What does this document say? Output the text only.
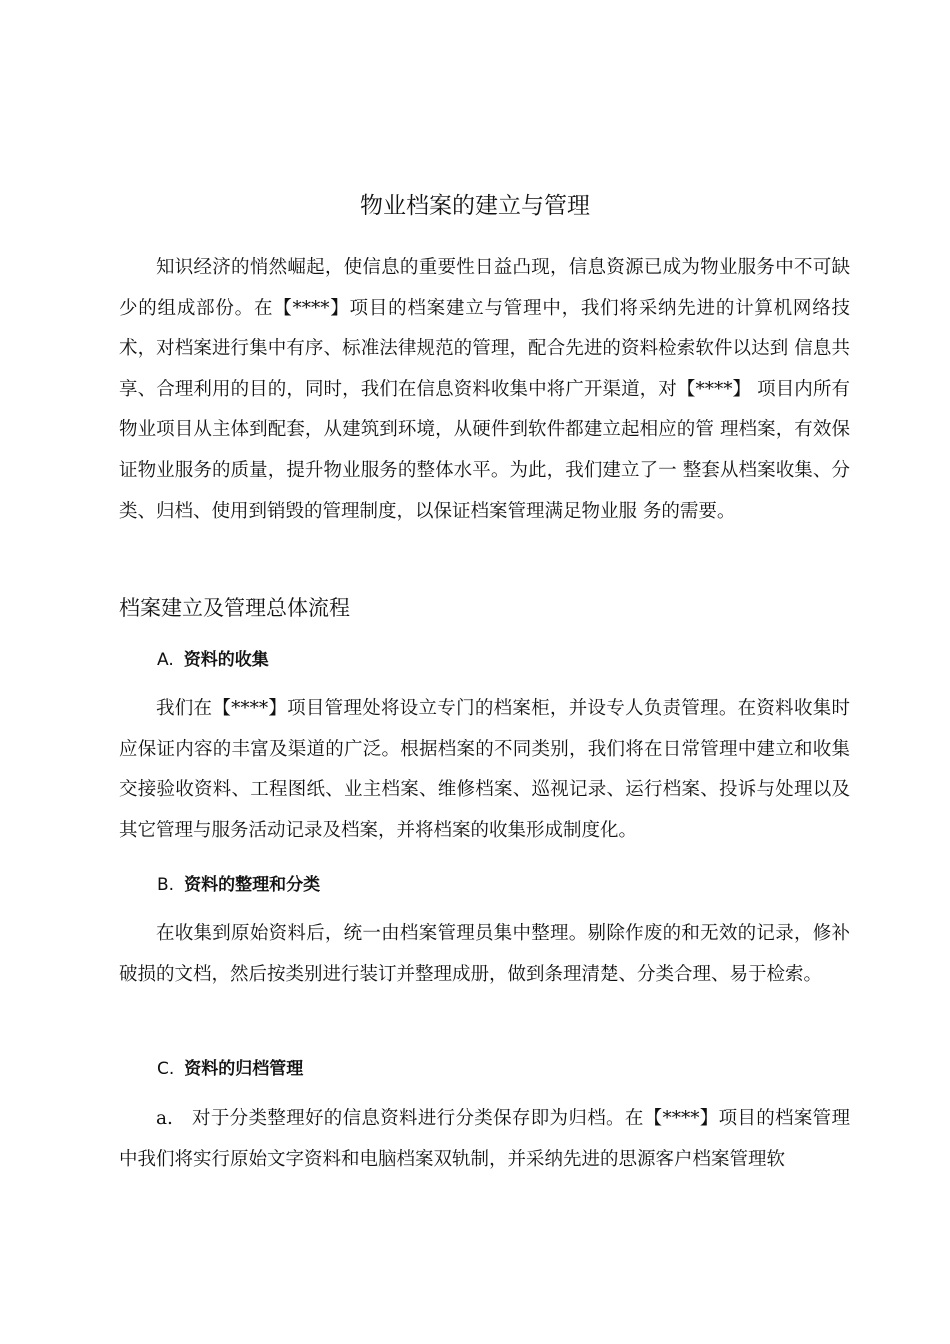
物业档案的建立与管理

知识经济的悄然崛起，使信息的重要性日益凸现，信息资源已成为物业服务中不可缺少的组成部份。在【****】项目的档案建立与管理中，我们将采纳先进的计算机网络技术，对档案进行集中有序、标准法律规范的管理，配合先进的资料检索软件以达到 信息共享、合理利用的目的，同时，我们在信息资料收集中将广开渠道，对【****】 项目内所有物业项目从主体到配套，从建筑到环境，从硬件到软件都建立起相应的管 理档案，有效保证物业服务的质量，提升物业服务的整体水平。为此，我们建立了一 整套从档案收集、分类、归档、使用到销毁的管理制度，以保证档案管理满足物业服 务的需要。

档案建立及管理总体流程
A. 资料的收集

我们在【****】项目管理处将设立专门的档案柜，并设专人负责管理。在资料收集时应保证内容的丰富及渠道的广泛。根据档案的不同类别，我们将在日常管理中建立和收集交接验收资料、工程图纸、业主档案、维修档案、巡视记录、运行档案、投诉与处理以及其它管理与服务活动记录及档案，并将档案的收集形成制度化。

B. 资料的整理和分类

在收集到原始资料后，统一由档案管理员集中整理。剔除作废的和无效的记录，修补破损的文档，然后按类别进行装订并整理成册，做到条理清楚、分类合理、易于检索。

C. 资料的归档管理

a.　对于分类整理好的信息资料进行分类保存即为归档。在【****】项目的档案管理中我们将实行原始文字资料和电脑档案双轨制，并采纳先进的思源客户档案管理软
